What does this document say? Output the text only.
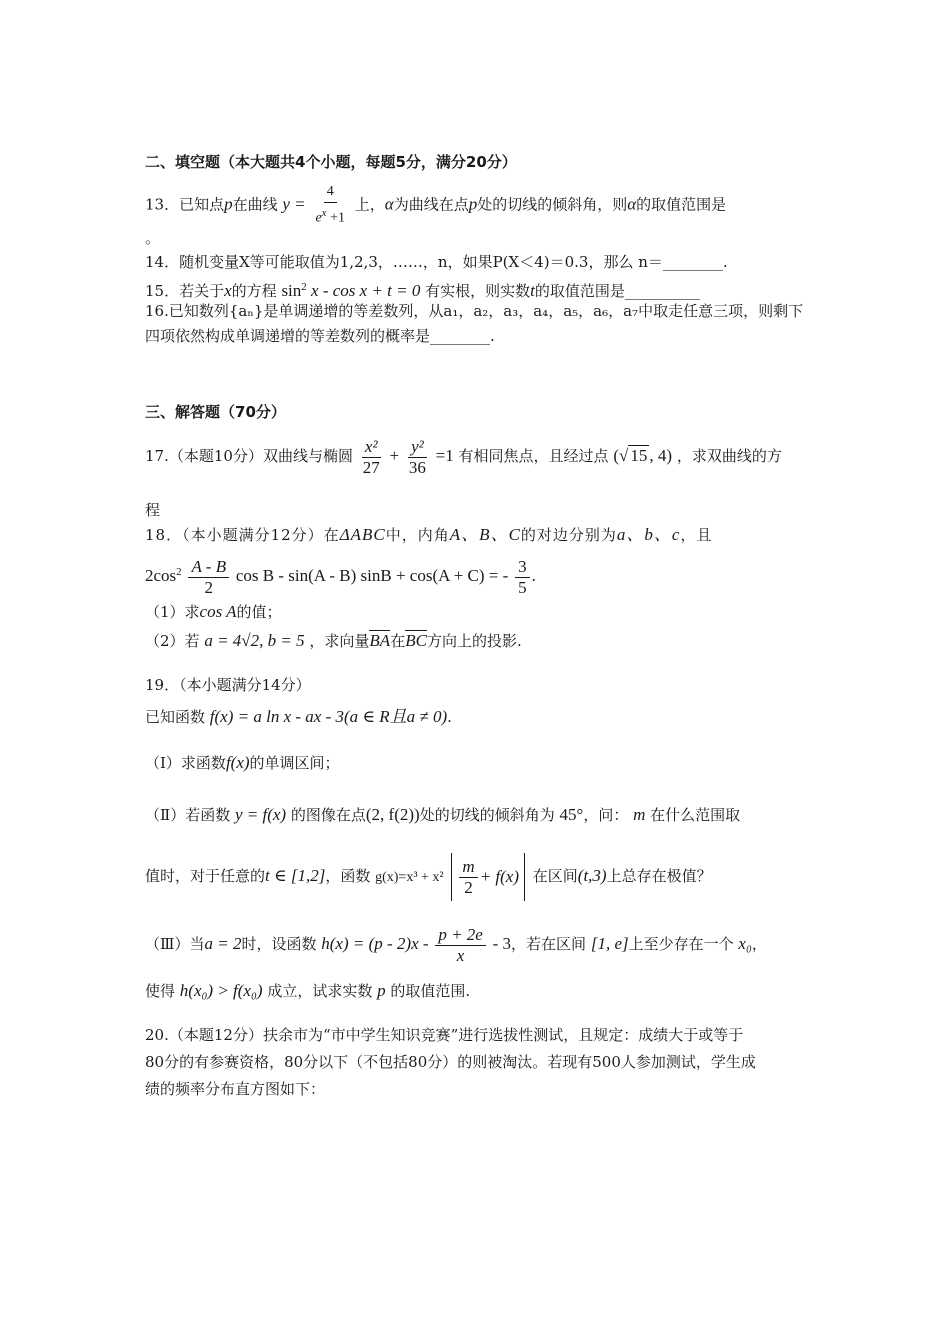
二、填空题（本大题共4个小题，每题5分，满分20分）
13．已知点p在曲线 $y = \frac{4}{e^x +1}$ 上，α为曲线在点p处的切线的倾斜角，则α的取值范围是
。
14．随机变量X等可能取值为1,2,3，……，n，如果P(X＜4)＝0.3，那么 n＝________.
15．若关于x的方程 $\sin^2 x - \cos x + t = 0$ 有实根，则实数t的取值范围是__________
16.已知数列{aₙ}是单调递增的等差数列，从a₁，a₂，a₃，a₄，a₅，a₆，a₇中取走任意三项，则剩下
四项依然构成单调递增的等差数列的概率是________.
三、解答题（70分）
17.（本题10分）双曲线与椭圆 $\frac{\text{x²}}{27} + \frac{\text{y²}}{36} =1$ 有相同焦点，且经过点 (√ 15 , 4) ，求双曲线的方
程
18．（本小题满分12分）在ΔABC中，内角A、B、C的对边分别为a、b、c，且
$2\cos^2 \frac{A - B}{2}$ cos B - sin(A - B) sinB + cos(A + C) = - $\frac{3}{5}$ .
（1）求cos A的值；
（2）若 a = 4√2, b = 5 ，求向量BA在BC方向上的投影.
19．（本小题满分14分）
已知函数 f(x) = a ln x - ax - 3(a ∈ R且a ≠ 0).
（Ⅰ）求函数f(x)的单调区间；
（Ⅱ）若函数 y = f(x) 的图像在点(2, f(2))处的切线的倾斜角为 45°，问： m 在什么范围取
值时，对于任意的t ∈ [1,2]，函数 $g(x)=x^3 + x^2 \frac{m}{2} + f(x)$ 在区间(t,3)上总存在极值？
（Ⅲ）当a = 2时，设函数 $h(x) = (p - 2)x - \frac{p + 2e}{x} - 3$，若在区间 [1, e]上至少存在一个 x₀，
使得 h(x₀) > f(x₀) 成立，试求实数 p 的取值范围.
20.（本题12分）扶余市为“市中学生知识竞赛”进行选拔性测试，且规定：成绩大于或等于
80分的有参赛资格，80分以下（不包括80分）的则被淘汰。若现有500人参加测试，学生成
绩的频率分布直方图如下：
